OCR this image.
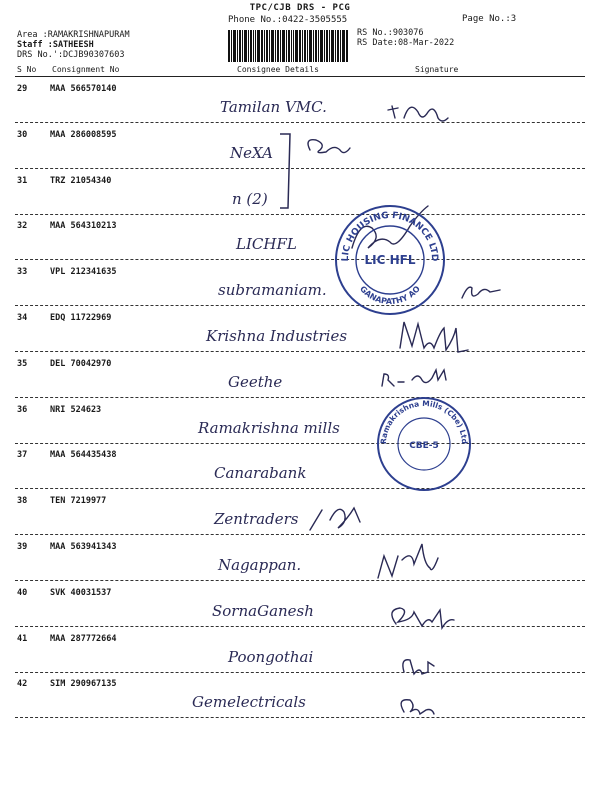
TPC/CJB DRS - PCG
Phone No.:0422-3505555	Page No.:3
Area :RAMAKRISHNAPURAM
Staff :SATHEESH
DRS No.':DCJB90307603
RS No.:903076
RS Date:08-Mar-2022
S No Consignment No	Consignee Details	Signature
29	MAA 566570140
Tamilan VMC.
30	MAA 286008595
NeXA
31	TRZ 21054340
n (2)
32	MAA 564310213
LICHFL
33	VPL 212341635
subramaniam.
34	EDQ 11722969
Krishna Industries
35	DEL 70042970
Geethe
36	NRI 524623
Ramakrishna mills
37	MAA 564435438
Canarabank
38	TEN 7219977
Zentraders
39	MAA 563941343
Nagappan.
40	SVK 40031537
SornaGanesh
41	MAA 287772664
Poongothai
42	SIM 290967135
Gemelectricals
LIC HOUSING FINANCE LTD
GANAPATHY AO
LIC HFL
Ramakrishna Mills (Cbe) Ltd
CBE-5
